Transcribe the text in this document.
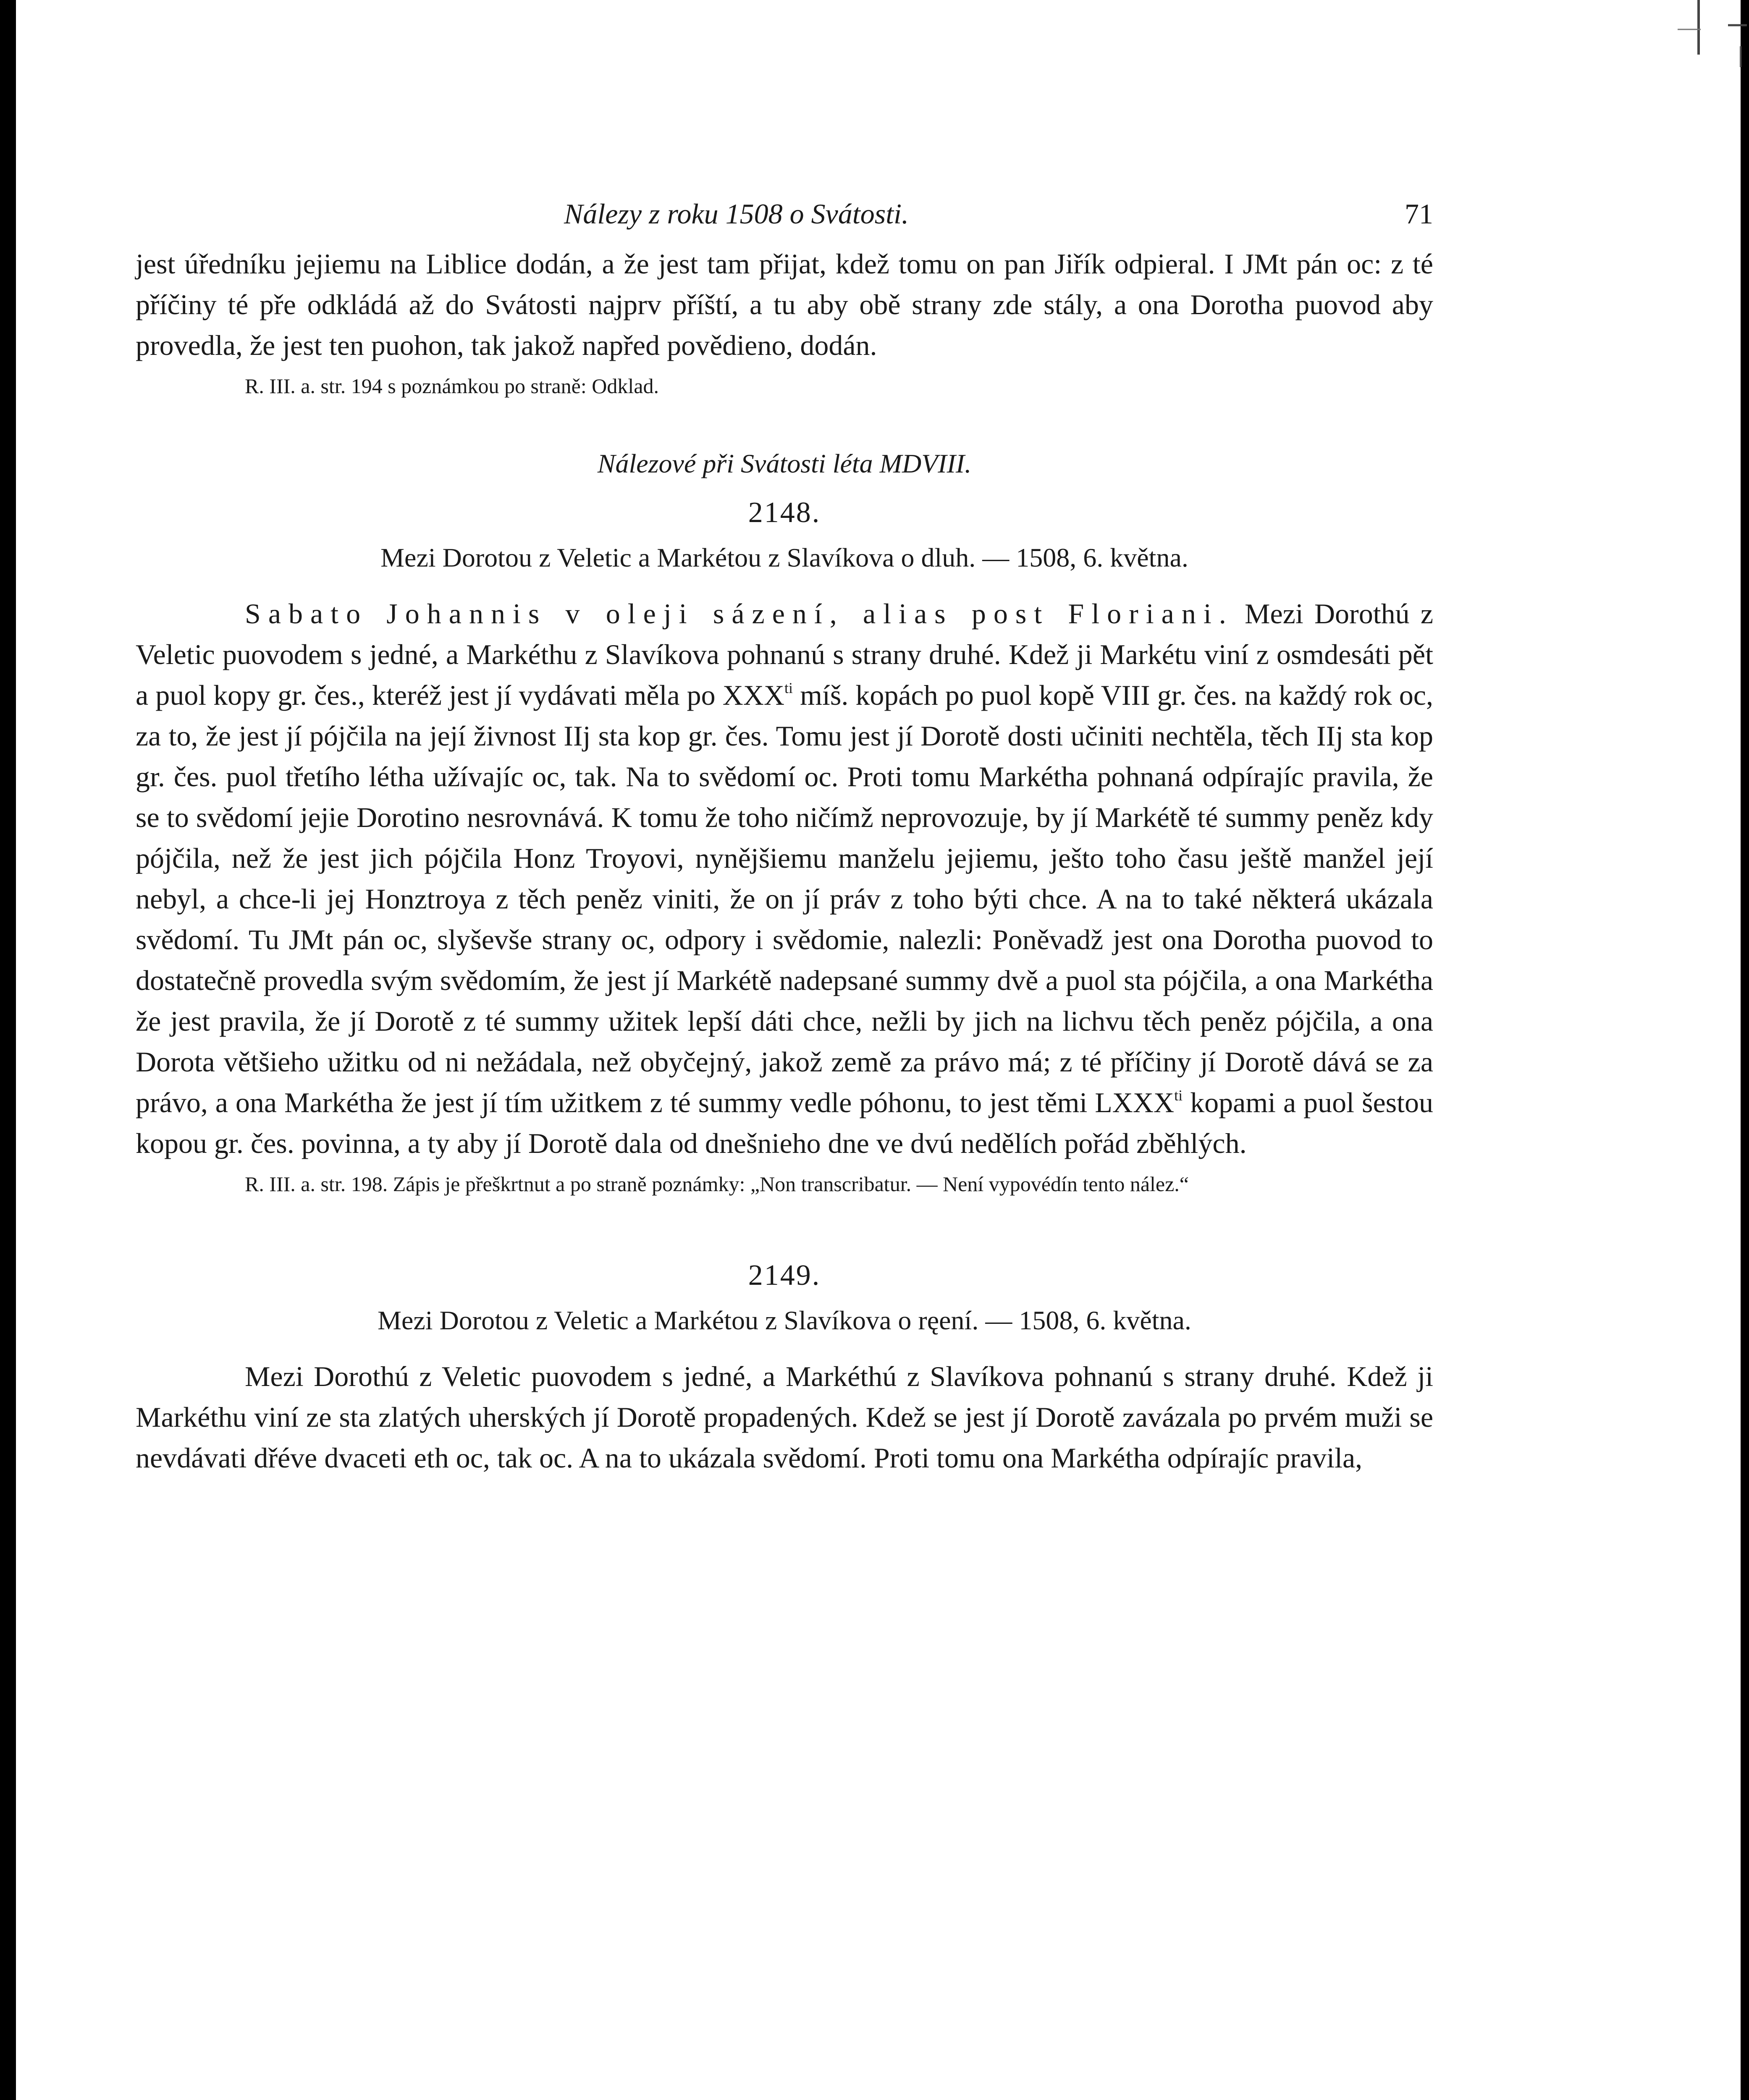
Nálezy z roku 1508 o Svátosti.	71

jest úředníku jejiemu na Liblice dodán, a že jest tam přijat, kdež tomu on pan Jiřík odpieral. I JMt pán oc: z té příčiny té pře odkládá až do Svátosti najprv příští, a tu aby obě strany zde stály, a ona Dorotha puovod aby provedla, že jest ten puohon, tak jakož napřed povědieno, dodán.

R. III. a. str. 194 s poznámkou po straně: Odklad.

Nálezové při Svátosti léta MDVIII.
2148.
Mezi Dorotou z Veletic a Markétou z Slavíkova o dluh. — 1508, 6. května.

Sabato Johannis v oleji sázení, alias post Floriani. Mezi Dorothú z Veletic puovodem s jedné, a Markéthu z Slavíkova pohnanú s strany druhé. Kdež ji Markétu viní z osmdesáti pět a puol kopy gr. čes., kteréž jest jí vydávati měla po $XXX^{ti}$ míš. kopách po puol kopě VIII gr. čes. na každý rok oc, za to, že jest jí pójčila na její živnost IIj sta kop gr. čes. Tomu jest jí Dorotě dosti učiniti nechtěla, těch IIj sta kop gr. čes. puol třetího létha užívajíc oc, tak. Na to svědomí oc. Proti tomu Markétha pohnaná odpírajíc pravila, že se to svědomí jejie Dorotino nesrovnává. K tomu že toho ničímž neprovozuje, by jí Markétě té summy peněz kdy pójčila, než že jest jich pójčila Honz Troyovi, nynějšiemu manželu jejiemu, ješto toho času ještě manžel její nebyl, a chce-li jej Honztroya z těch peněz viniti, že on jí práv z toho býti chce. A na to také některá ukázala svědomí. Tu JMt pán oc, slyševše strany oc, odpory i svědomie, nalezli: Poněvadž jest ona Dorotha puovod to dostatečně provedla svým svědomím, že jest jí Markétě nadepsané summy dvě a puol sta pójčila, a ona Markétha že jest pravila, že jí Dorotě z té summy užitek lepší dáti chce, nežli by jich na lichvu těch peněz pójčila, a ona Dorota většieho užitku od ni nežádala, než obyčejný, jakož země za právo má; z té příčiny jí Dorotě dává se za právo, a ona Markétha že jest jí tím užitkem z té summy vedle póhonu, to jest těmi $LXXX^{ti}$ kopami a puol šestou kopou gr. čes. povinna, a ty aby jí Dorotě dala od dnešnieho dne ve dvú nedělích pořád zběhlých.

R. III. a. str. 198. Zápis je přeškrtnut a po straně poznámky: „Non transcribatur. — Není vypovédín tento nález.“

2149.
Mezi Dorotou z Veletic a Markétou z Slavíkova o ręení. — 1508, 6. května.

Mezi Dorothú z Veletic puovodem s jedné, a Markéthú z Slavíkova pohnanú s strany druhé. Kdež ji Markéthu viní ze sta zlatých uherských jí Dorotě propadených. Kdež se jest jí Dorotě zavázala po prvém muži se nevdávati dřéve dvaceti eth oc, tak oc. A na to ukázala svědomí. Proti tomu ona Markétha odpírajíc pravila,
